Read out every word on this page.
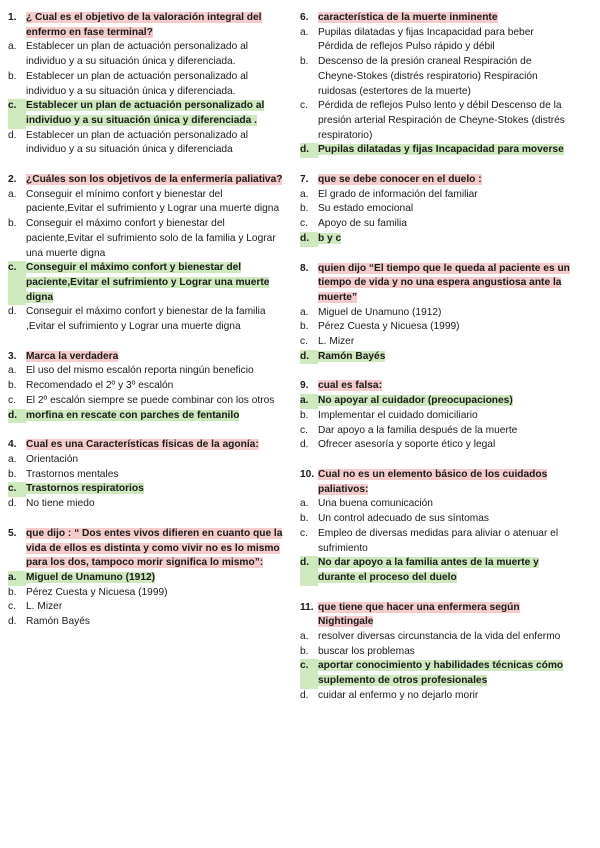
1. ¿ Cual es el objetivo de la valoración integral del enfermo en fase terminal?
a. Establecer un plan de actuación personalizado al individuo y a su situación única y diferenciada.
b. Establecer un plan de actuación personalizado al individuo y a su situación única y diferenciada.
c. Establecer un plan de actuación personalizado al individuo y a su situación única y diferenciada .
d. Establecer un plan de actuación personalizado al individuo y a su situación única y diferenciada
2. ¿Cuáles son los objetivos de la enfermería paliativa?
a. Conseguir el mínimo confort y bienestar del paciente,Evitar el sufrimiento y Lograr una muerte digna
b. Conseguir el máximo confort y bienestar del paciente,Evitar el sufrimiento solo de la familia y Lograr una muerte digna
c. Conseguir el máximo confort y bienestar del paciente,Evitar el sufrimiento y Lograr una muerte digna
d. Conseguir el máximo confort y bienestar de la familia ,Evitar el sufrimiento y Lograr una muerte digna
3. Marca la verdadera
a. El uso del mismo escalón reporta ningún beneficio
b. Recomendado el 2º y 3º escalón
c. El 2º escalón siempre se puede combinar con los otros
d. morfina en rescate con parches de fentanilo
4. Cual es una Características físicas de la agonía:
a. Orientación
b. Trastornos mentales
c. Trastornos respiratorios
d. No tiene miedo
5. que dijo : “ Dos entes vivos difieren en cuanto que la vida de ellos es distinta y como vivir no es lo mismo para los dos, tampoco morir significa lo mismo”:
a. Miguel de Unamuno (1912)
b. Pérez Cuesta y Nicuesa (1999)
c. L. Mizer
d. Ramón Bayés
6. característica de la muerte inminente
a. Pupilas dilatadas y fijas Incapacidad para beber Pérdida de reflejos Pulso rápido y débil
b. Descenso de la presión craneal Respiración de Cheyne-Stokes (distrés respiratorio) Respiración ruidosas (estertores de la muerte)
c. Pérdida de reflejos Pulso lento y débil Descenso de la presión arterial Respiración de Cheyne-Stokes (distrés respiratorio)
d. Pupilas dilatadas y fijas Incapacidad para moverse
7. que se debe conocer en el duelo :
a. El grado de información del familiar
b. Su estado emocional
c. Apoyo de su familia
d. b y c
8. quien dijo “El tiempo que le queda al paciente es un tiempo de vida y no una espera angustiosa ante la muerte”
a. Miguel de Unamuno (1912)
b. Pérez Cuesta y Nicuesa (1999)
c. L. Mizer
d. Ramón Bayés
9. cual es falsa:
a. No apoyar al cuidador (preocupaciones)
b. Implementar el cuidado domiciliario
c. Dar apoyo a la familia después de la muerte
d. Ofrecer asesoría y soporte ético y legal
10. Cual no es un elemento básico de los cuidados paliativos:
a. Una buena comunicación
b. Un control adecuado de sus síntomas
c. Empleo de diversas medidas para aliviar o atenuar el sufrimiento
d. No dar apoyo a la familia antes de la muerte y durante el proceso del duelo
11. que tiene que hacer una enfermera según Nightingale
a. resolver diversas circunstancia de la vida del enfermo
b. buscar los problemas
c. aportar conocimiento y habilidades técnicas cómo suplemento de otros profesionales
d. cuidar al enfermo y no dejarlo morir
